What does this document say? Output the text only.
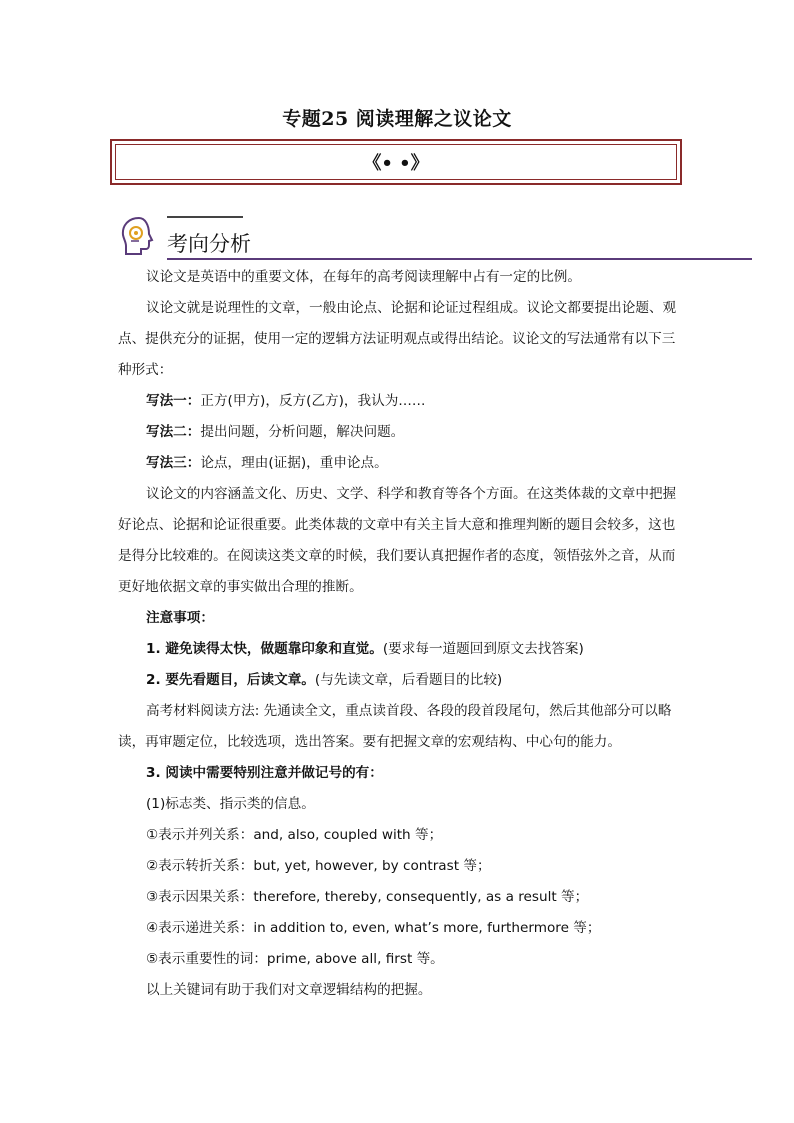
专题25 阅读理解之议论文
《• •》
考向分析

议论文是英语中的重要文体，在每年的高考阅读理解中占有一定的比例。

议论文就是说理性的文章，一般由论点、论据和论证过程组成。议论文都要提出论题、观点、提供充分的证据，使用一定的逻辑方法证明观点或得出结论。议论文的写法通常有以下三种形式：

写法一：正方(甲方)，反方(乙方)，我认为……

写法二：提出问题，分析问题，解决问题。

写法三：论点，理由(证据)，重申论点。

议论文的内容涵盖文化、历史、文学、科学和教育等各个方面。在这类体裁的文章中把握好论点、论据和论证很重要。此类体裁的文章中有关主旨大意和推理判断的题目会较多，这也是得分比较难的。在阅读这类文章的时候，我们要认真把握作者的态度，领悟弦外之音，从而更好地依据文章的事实做出合理的推断。

注意事项：

1. 避免读得太快，做题靠印象和直觉。(要求每一道题回到原文去找答案)

2. 要先看题目，后读文章。(与先读文章，后看题目的比较)

高考材料阅读方法: 先通读全文，重点读首段、各段的段首段尾句，然后其他部分可以略读，再审题定位，比较选项，选出答案。要有把握文章的宏观结构、中心句的能力。

3. 阅读中需要特别注意并做记号的有：

(1)标志类、指示类的信息。

①表示并列关系：and, also, coupled with 等；

②表示转折关系：but, yet, however, by contrast 等；

③表示因果关系：therefore, thereby, consequently, as a result 等；

④表示递进关系：in addition to, even, what’s more, furthermore 等；

⑤表示重要性的词：prime, above all, first 等。

以上关键词有助于我们对文章逻辑结构的把握。
